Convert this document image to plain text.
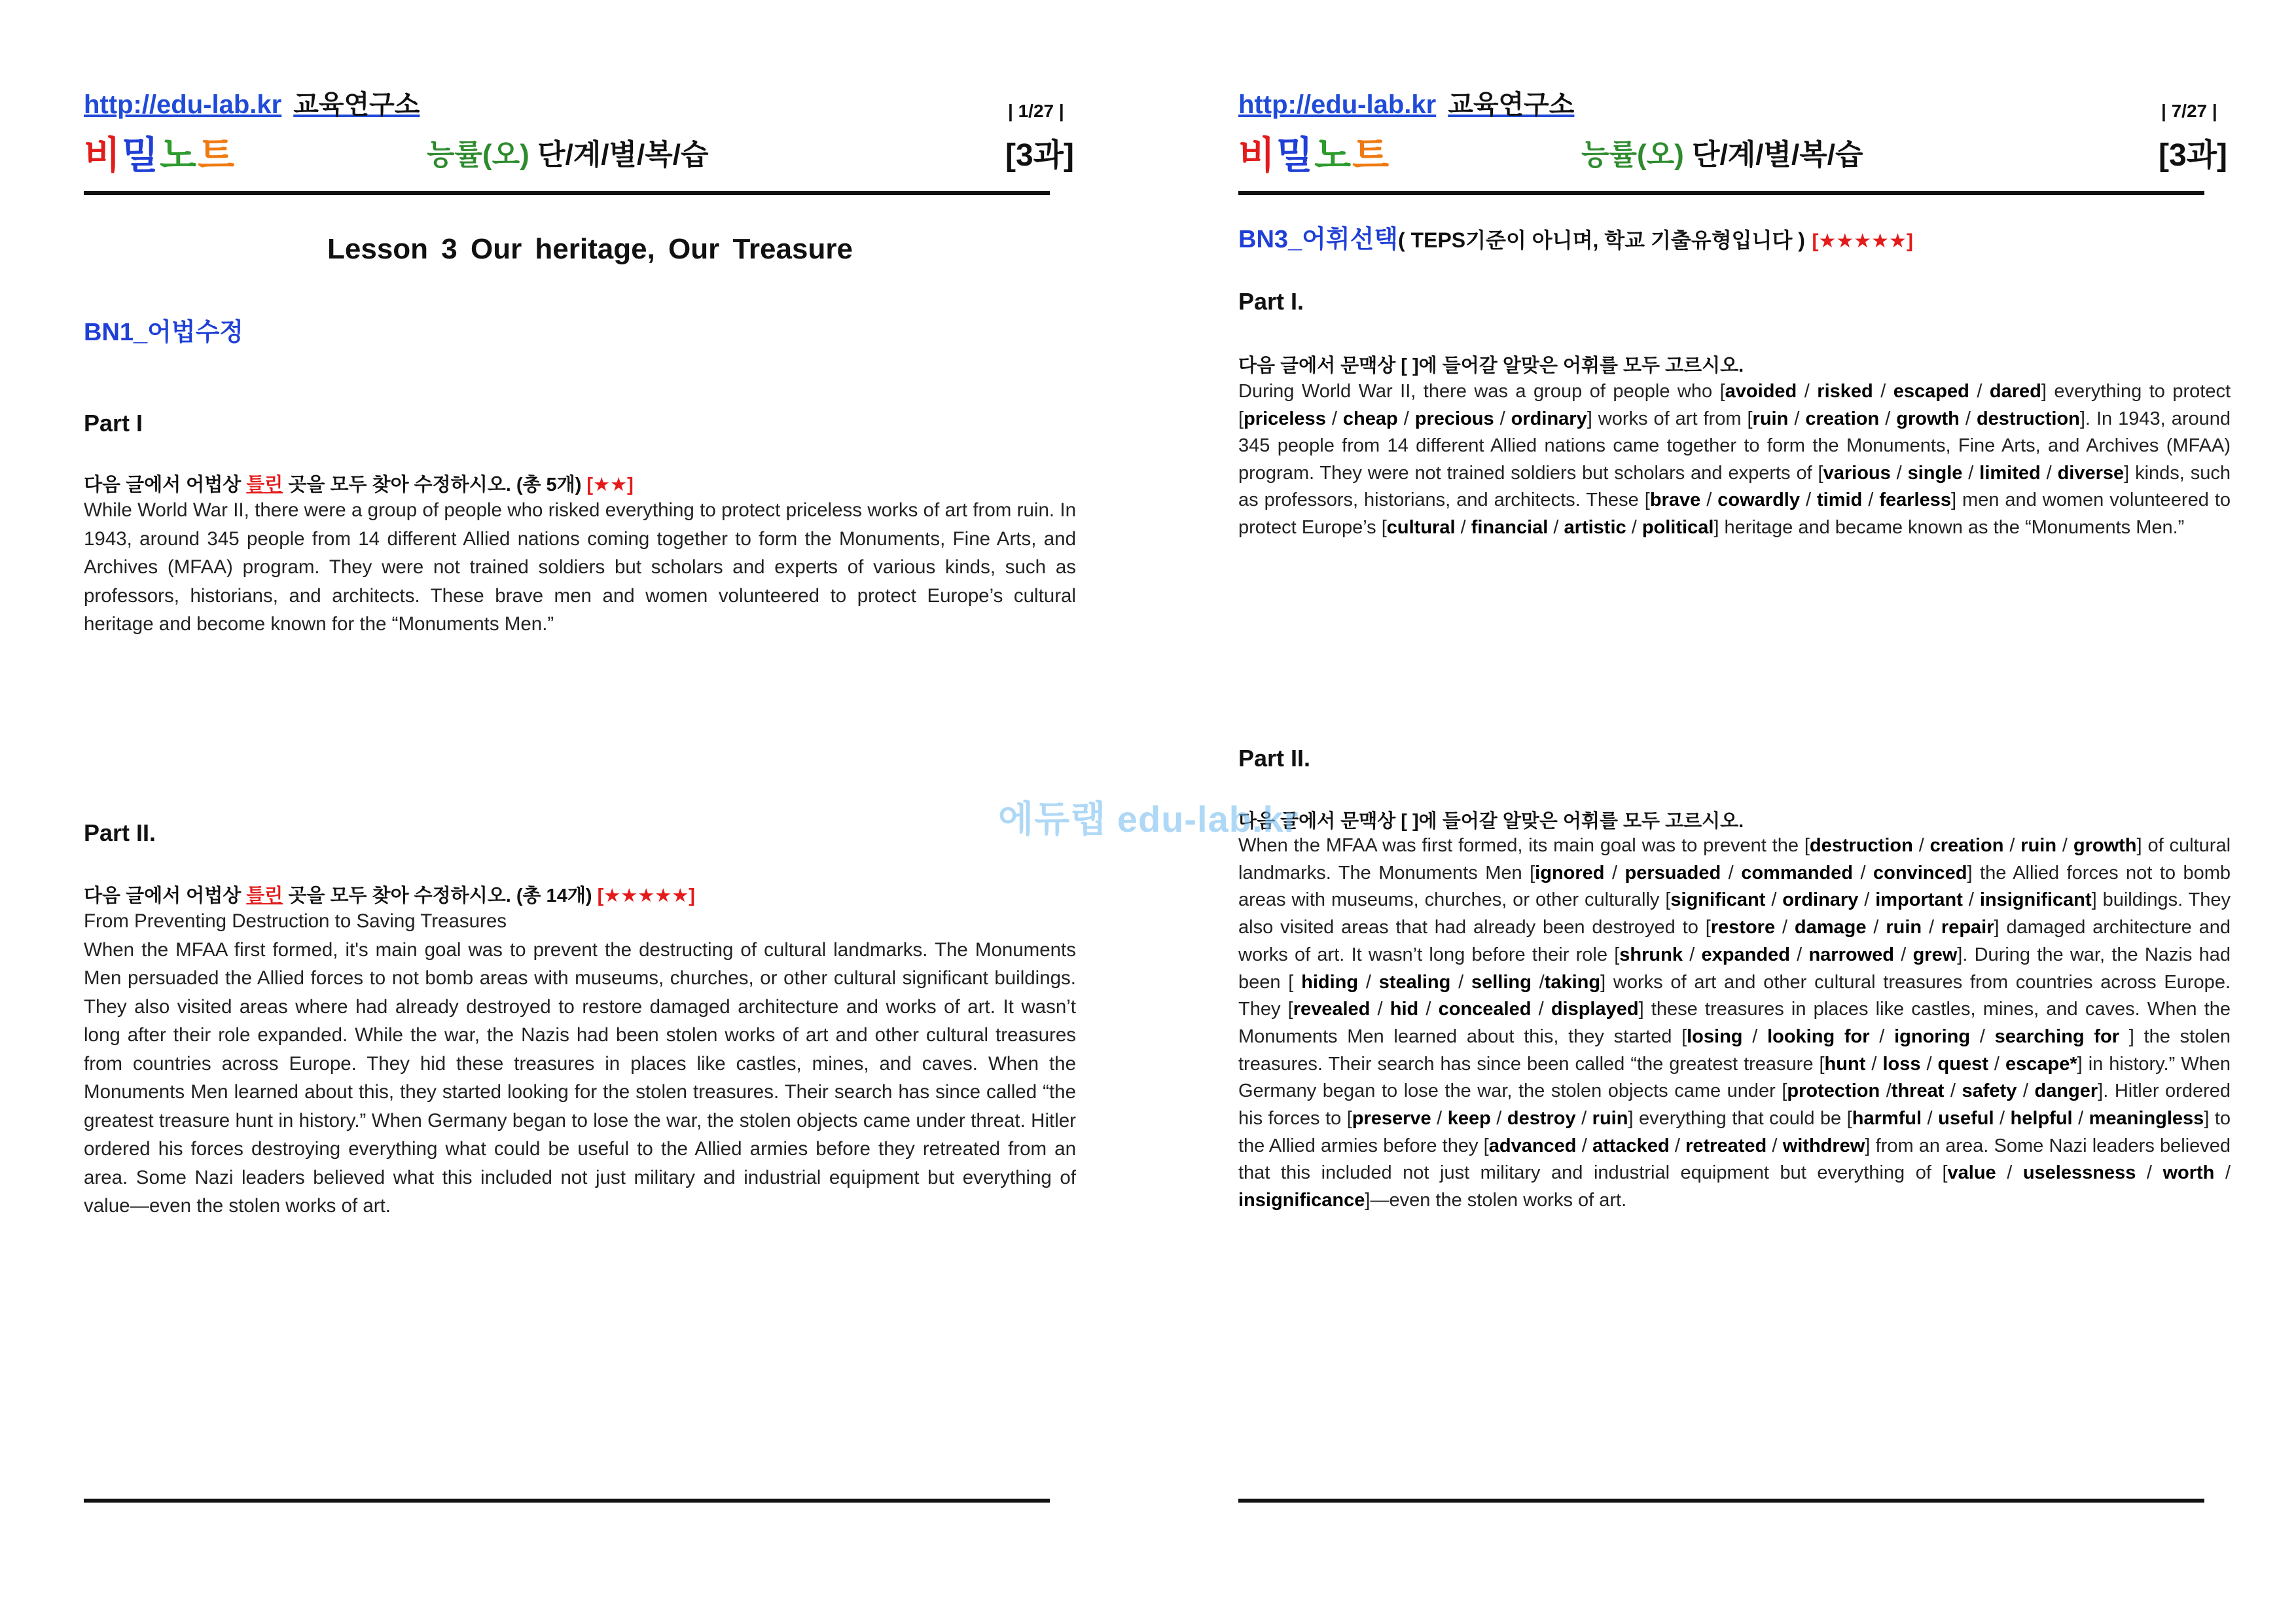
http://edu-lab.kr 교육연구소	| 1/27 |
비밀노트	능률(오) 단/계/별/복/습	[3과]
Lesson 3 Our heritage, Our Treasure
BN1_어법수정
Part I
다음 글에서 어법상 틀린 곳을 모두 찾아 수정하시오. (총 5개) [★★]

While World War II, there were a group of people who risked everything to protect priceless works of art from ruin. In 1943, around 345 people from 14 different Allied nations coming together to form the Monuments, Fine Arts, and Archives (MFAA) program. They were not trained soldiers but scholars and experts of various kinds, such as professors, historians, and architects. These brave men and women volunteered to protect Europe’s cultural heritage and become known for the “Monuments Men.”

Part II.
다음 글에서 어법상 틀린 곳을 모두 찾아 수정하시오. (총 14개) [★★★★★]

From Preventing Destruction to Saving Treasures
When the MFAA first formed, it's main goal was to prevent the destructing of cultural landmarks. The Monuments Men persuaded the Allied forces to not bomb areas with museums, churches, or other cultural significant buildings. They also visited areas where had already destroyed to restore damaged architecture and works of art. It wasn’t long after their role expanded. While the war, the Nazis had been stolen works of art and other cultural treasures from countries across Europe. They hid these treasures in places like castles, mines, and caves. When the Monuments Men learned about this, they started looking for the stolen treasures. Their search has since called “the greatest treasure hunt in history.” When Germany began to lose the war, the stolen objects came under threat. Hitler ordered his forces destroying everything what could be useful to the Allied armies before they retreated from an area. Some Nazi leaders believed what this included not just military and industrial equipment but everything of value—even the stolen works of art.

http://edu-lab.kr 교육연구소	| 7/27 |
비밀노트	능률(오) 단/계/별/복/습	[3과]
BN3_어휘선택( TEPS기준이 아니며, 학교 기출유형입니다 ) [★★★★★]
Part I.
다음 글에서 문맥상 [ ]에 들어갈 알맞은 어휘를 모두 고르시오.

During World War II, there was a group of people who [avoided / risked / escaped / dared] everything to protect [priceless / cheap / precious / ordinary] works of art from [ruin / creation / growth / destruction]. In 1943, around 345 people from 14 different Allied nations came together to form the Monuments, Fine Arts, and Archives (MFAA) program. They were not trained soldiers but scholars and experts of [various / single / limited / diverse] kinds, such as professors, historians, and architects. These [brave / cowardly / timid / fearless] men and women volunteered to protect Europe’s [cultural / financial / artistic / political] heritage and became known as the “Monuments Men.”

Part II.
다음 글에서 문맥상 [ ]에 들어갈 알맞은 어휘를 모두 고르시오.

When the MFAA was first formed, its main goal was to prevent the [destruction / creation / ruin / growth] of cultural landmarks. The Monuments Men [ignored / persuaded / commanded / convinced] the Allied forces not to bomb areas with museums, churches, or other culturally [significant / ordinary / important / insignificant] buildings. They also visited areas that had already been destroyed to [restore / damage / ruin / repair] damaged architecture and works of art. It wasn’t long before their role [shrunk / expanded / narrowed / grew]. During the war, the Nazis had been [ hiding / stealing / selling /taking] works of art and other cultural treasures from countries across Europe. They [revealed / hid / concealed / displayed] these treasures in places like castles, mines, and caves. When the Monuments Men learned about this, they started [losing / looking for / ignoring / searching for ] the stolen treasures. Their search has since been called “the greatest treasure [hunt / loss / quest / escape*] in history.” When Germany began to lose the war, the stolen objects came under [protection /threat / safety / danger]. Hitler ordered his forces to [preserve / keep / destroy / ruin] everything that could be [harmful / useful / helpful / meaningless] to the Allied armies before they [advanced / attacked / retreated / withdrew] from an area. Some Nazi leaders believed that this included not just military and industrial equipment but everything of [value / uselessness / worth / insignificance]—even the stolen works of art.

에듀랩 edu-lab.kr
